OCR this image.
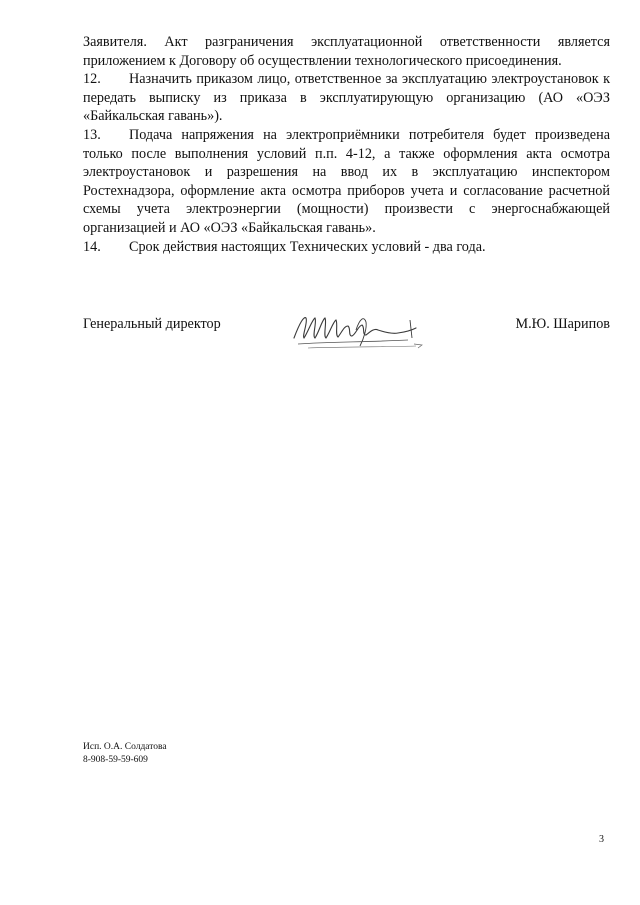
Заявителя. Акт разграничения эксплуатационной ответственности является приложением к Договору об осуществлении технологического присоединения.

12. Назначить приказом лицо, ответственное за эксплуатацию электроустановок к передать выписку из приказа в эксплуатирующую организацию (АО «ОЭЗ «Байкальская гавань»).

13. Подача напряжения на электроприёмники потребителя будет произведена только после выполнения условий п.п. 4-12, а также оформления акта осмотра электроустановок и разрешения на ввод их в эксплуатацию инспектором Ростехнадзора, оформление акта осмотра приборов учета и согласование расчетной схемы учета электроэнергии (мощности) произвести с энергоснабжающей организацией и АО «ОЭЗ «Байкальская гавань».

14. Срок действия настоящих Технических условий - два года.

Генеральный директор	М.Ю. Шарипов
Исп. О.А. Солдатова
8-908-59-59-609
3
